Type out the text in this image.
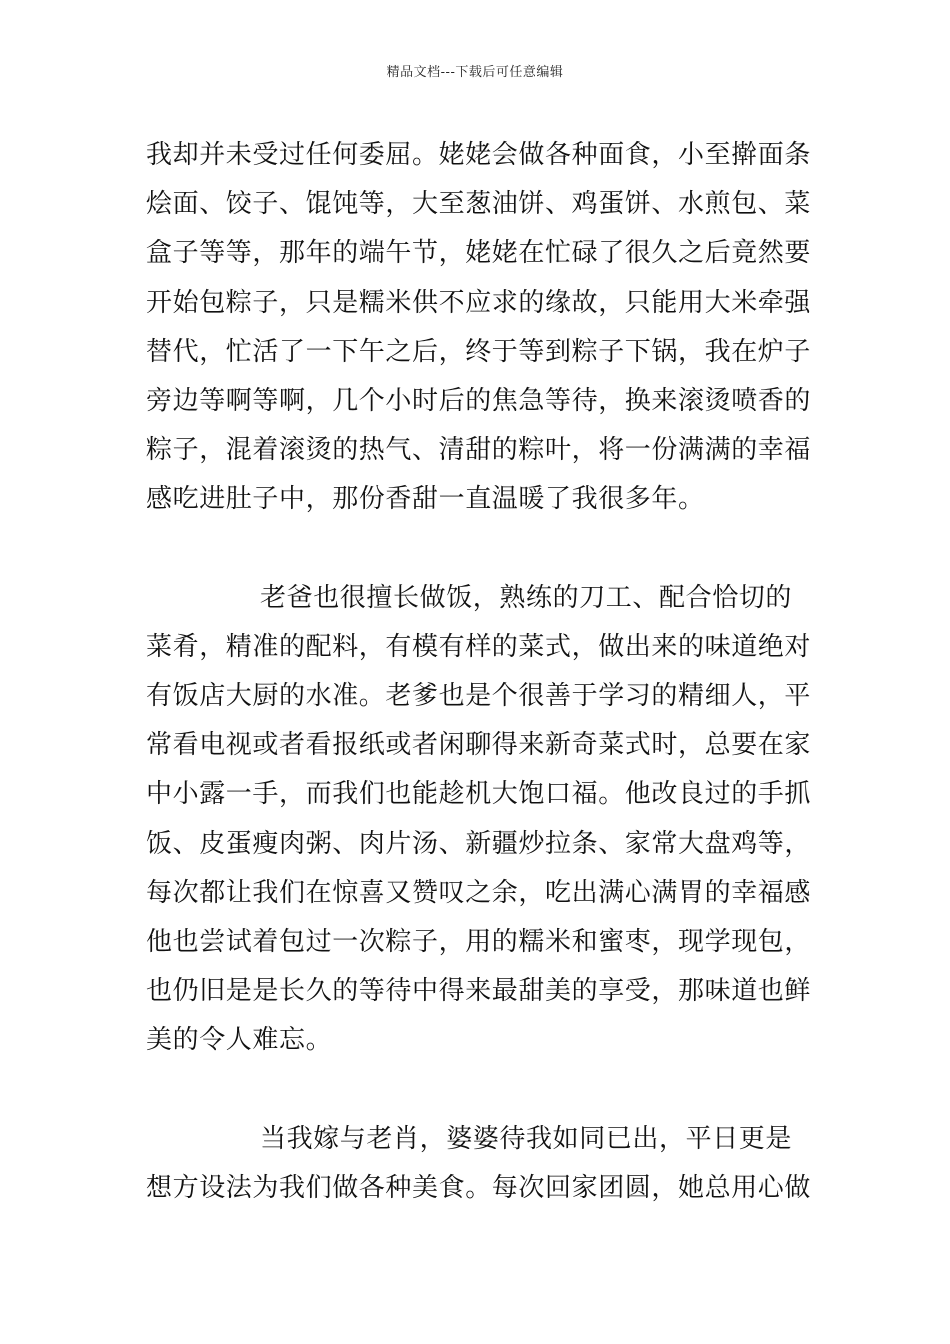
精品文档---下载后可任意编辑
我却并未受过任何委屈。姥姥会做各种面食，小至擀面条
烩面、饺子、馄饨等，大至葱油饼、鸡蛋饼、水煎包、菜
盒子等等，那年的端午节，姥姥在忙碌了很久之后竟然要
开始包粽子，只是糯米供不应求的缘故，只能用大米牵强
替代，忙活了一下午之后，终于等到粽子下锅，我在炉子
旁边等啊等啊，几个小时后的焦急等待，换来滚烫喷香的
粽子，混着滚烫的热气、清甜的粽叶，将一份满满的幸福
感吃进肚子中，那份香甜一直温暖了我很多年。
老爸也很擅长做饭，熟练的刀工、配合恰切的
菜肴，精准的配料，有模有样的菜式，做出来的味道绝对
有饭店大厨的水准。老爹也是个很善于学习的精细人，平
常看电视或者看报纸或者闲聊得来新奇菜式时，总要在家
中小露一手，而我们也能趁机大饱口福。他改良过的手抓
饭、皮蛋瘦肉粥、肉片汤、新疆炒拉条、家常大盘鸡等，
每次都让我们在惊喜又赞叹之余，吃出满心满胃的幸福感
他也尝试着包过一次粽子，用的糯米和蜜枣，现学现包，
也仍旧是是长久的等待中得来最甜美的享受，那味道也鲜
美的令人难忘。
当我嫁与老肖，婆婆待我如同已出，平日更是
想方设法为我们做各种美食。每次回家团圆，她总用心做
